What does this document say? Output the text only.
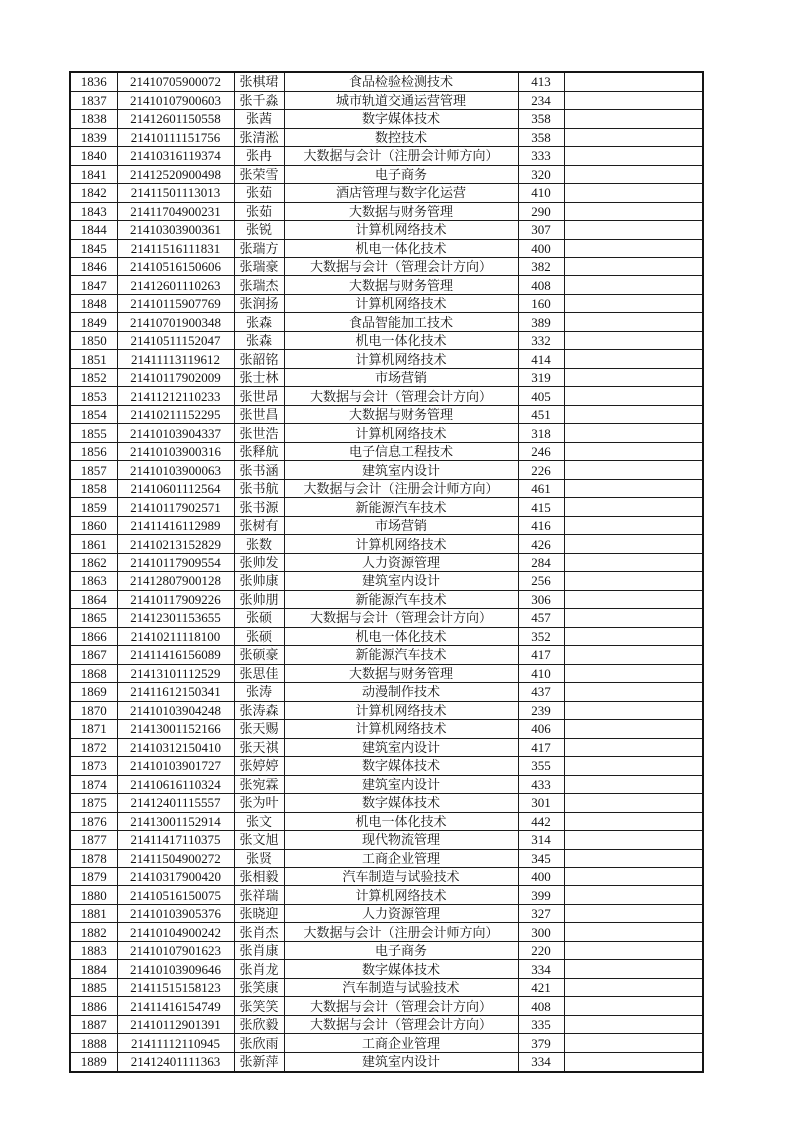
1836	21410705900072	张棋珺	食品检验检测技术	413	
1837	21410107900603	张千淼	城市轨道交通运营管理	234	
1838	21412601150558	张茜	数字媒体技术	358	
1839	21410111151756	张清淞	数控技术	358	
1840	21410316119374	张冉	大数据与会计（注册会计师方向）	333	
1841	21412520900498	张荣雪	电子商务	320	
1842	21411501113013	张茹	酒店管理与数字化运营	410	
1843	21411704900231	张茹	大数据与财务管理	290	
1844	21410303900361	张锐	计算机网络技术	307	
1845	21411516111831	张瑞方	机电一体化技术	400	
1846	21410516150606	张瑞豪	大数据与会计（管理会计方向）	382	
1847	21412601110263	张瑞杰	大数据与财务管理	408	
1848	21410115907769	张润扬	计算机网络技术	160	
1849	21410701900348	张森	食品智能加工技术	389	
1850	21410511152047	张森	机电一体化技术	332	
1851	21411113119612	张韶铭	计算机网络技术	414	
1852	21410117902009	张士林	市场营销	319	
1853	21411212110233	张世昂	大数据与会计（管理会计方向）	405	
1854	21410211152295	张世昌	大数据与财务管理	451	
1855	21410103904337	张世浩	计算机网络技术	318	
1856	21410103900316	张释航	电子信息工程技术	246	
1857	21410103900063	张书涵	建筑室内设计	226	
1858	21410601112564	张书航	大数据与会计（注册会计师方向）	461	
1859	21410117902571	张书源	新能源汽车技术	415	
1860	21411416112989	张树有	市场营销	416	
1861	21410213152829	张数	计算机网络技术	426	
1862	21410117909554	张帅发	人力资源管理	284	
1863	21412807900128	张帅康	建筑室内设计	256	
1864	21410117909226	张帅朋	新能源汽车技术	306	
1865	21412301153655	张硕	大数据与会计（管理会计方向）	457	
1866	21410211118100	张硕	机电一体化技术	352	
1867	21411416156089	张硕豪	新能源汽车技术	417	
1868	21413101112529	张思佳	大数据与财务管理	410	
1869	21411612150341	张涛	动漫制作技术	437	
1870	21410103904248	张涛森	计算机网络技术	239	
1871	21413001152166	张天赐	计算机网络技术	406	
1872	21410312150410	张天祺	建筑室内设计	417	
1873	21410103901727	张婷婷	数字媒体技术	355	
1874	21410616110324	张宛霖	建筑室内设计	433	
1875	21412401115557	张为叶	数字媒体技术	301	
1876	21413001152914	张文	机电一体化技术	442	
1877	21411417110375	张文旭	现代物流管理	314	
1878	21411504900272	张贤	工商企业管理	345	
1879	21410317900420	张相毅	汽车制造与试验技术	400	
1880	21410516150075	张祥瑞	计算机网络技术	399	
1881	21410103905376	张晓迎	人力资源管理	327	
1882	21410104900242	张肖杰	大数据与会计（注册会计师方向）	300	
1883	21410107901623	张肖康	电子商务	220	
1884	21410103909646	张肖龙	数字媒体技术	334	
1885	21411515158123	张笑康	汽车制造与试验技术	421	
1886	21411416154749	张笑笑	大数据与会计（管理会计方向）	408	
1887	21410112901391	张欣毅	大数据与会计（管理会计方向）	335	
1888	21411112110945	张欣雨	工商企业管理	379	
1889	21412401111363	张新萍	建筑室内设计	334	
